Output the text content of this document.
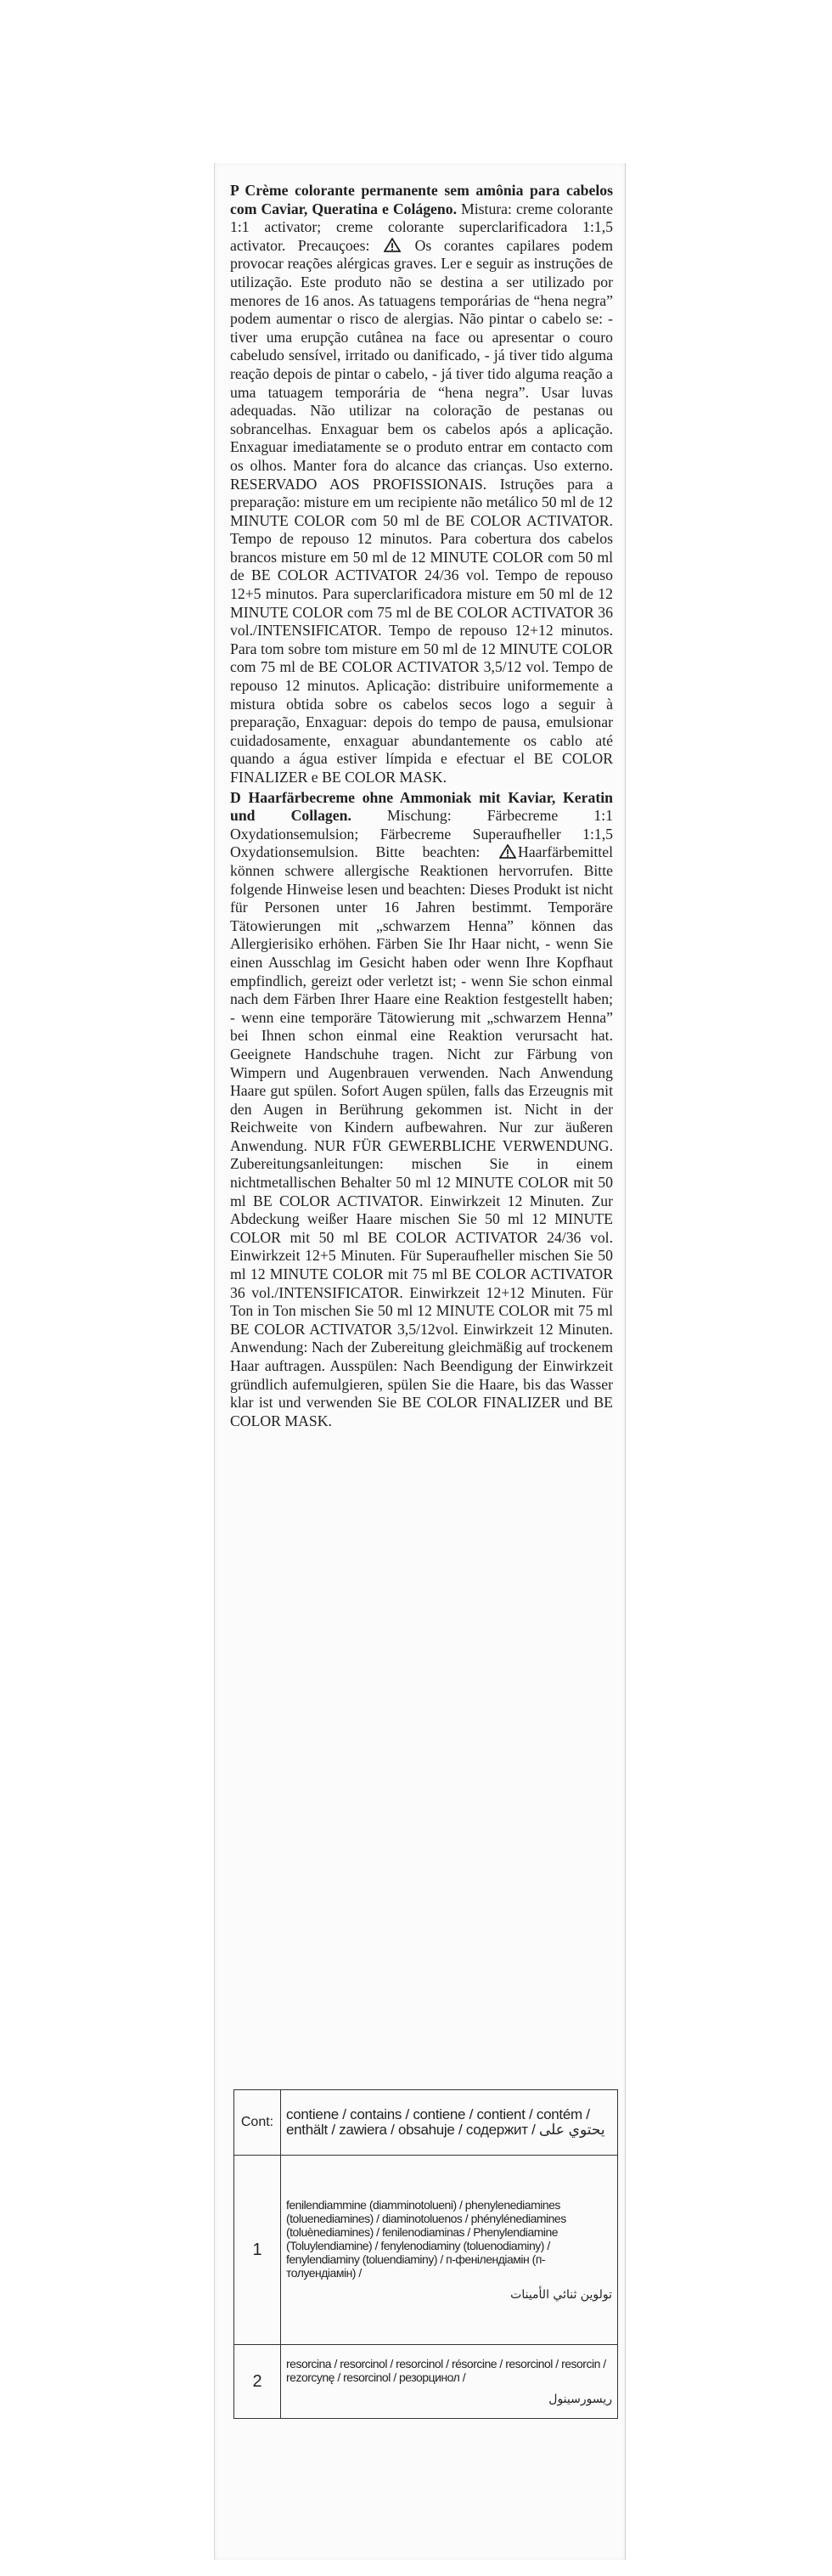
P Crème colorante permanente sem amônia para cabelos com Caviar, Queratina e Colágeno. Mistura: creme colorante 1:1 activator; creme colorante superclarificadora 1:1,5 activator. Precauçoes:  Os corantes capilares podem provocar reações alérgicas graves. Ler e seguir as instruções de utilização. Este produto não se destina a ser utilizado por menores de 16 anos. As tatuagens temporárias de “hena negra” podem aumentar o risco de alergias. Não pintar o cabelo se: - tiver uma erupção cutânea na face ou apresentar o couro cabeludo sensível, irritado ou danificado, - já tiver tido alguma reação depois de pintar o cabelo, - já tiver tido alguma reação a uma tatuagem temporária de “hena negra”. Usar luvas adequadas. Não utilizar na coloração de pestanas ou sobrancelhas. Enxaguar bem os cabelos após a aplicação. Enxaguar imediatamente se o produto entrar em contacto com os olhos. Manter fora do alcance das crianças. Uso externo. RESERVADO AOS PROFISSIONAIS. Istruções para a preparação: misture em um recipiente não metálico 50 ml de 12 MINUTE COLOR com 50 ml de BE COLOR ACTIVATOR. Tempo de repouso 12 minutos. Para cobertura dos cabelos brancos misture em 50 ml de 12 MINUTE COLOR com 50 ml de BE COLOR ACTIVATOR 24/36 vol. Tempo de repouso 12+5 minutos. Para superclarificadora misture em 50 ml de 12 MINUTE COLOR com 75 ml de BE COLOR ACTIVATOR 36 vol./INTENSIFICATOR. Tempo de repouso 12+12 minutos. Para tom sobre tom misture em 50 ml de 12 MINUTE COLOR com 75 ml de BE COLOR ACTIVATOR 3,5/12 vol. Tempo de repouso 12 minutos. Aplicação: distribuire uniformemente a mistura obtida sobre os cabelos secos logo a seguir à preparação, Enxaguar: depois do tempo de pausa, emulsionar cuidadosamente, enxaguar abundantemente os cablo até quando a água estiver límpida e efectuar el BE COLOR FINALIZER e BE COLOR MASK.

D Haarfärbecreme ohne Ammoniak mit Kaviar, Keratin und Collagen. Mischung: Färbecreme 1:1 Oxydationsemulsion; Färbecreme Superaufheller 1:1,5 Oxydationsemulsion. Bitte beachten:	Haarfärbemittel können schwere allergische Reaktionen hervorrufen. Bitte folgende Hinweise lesen und beachten: Dieses Produkt ist nicht für Personen unter 16 Jahren bestimmt. Temporäre Tätowierungen mit „schwarzem Henna” können das Allergierisiko erhöhen. Färben Sie Ihr Haar nicht, - wenn Sie einen Ausschlag im Gesicht haben oder wenn Ihre Kopfhaut empfindlich, gereizt oder verletzt ist; - wenn Sie schon einmal nach dem Färben Ihrer Haare eine Reaktion festgestellt haben; - wenn eine temporäre Tätowierung mit „schwarzem Henna” bei Ihnen schon einmal eine Reaktion verursacht hat. Geeignete Handschuhe tragen. Nicht zur Färbung von Wimpern und Augenbrauen verwenden. Nach Anwendung Haare gut spülen. Sofort Augen spülen, falls das Erzeugnis mit den Augen in Berührung gekommen ist. Nicht in der Reichweite von Kindern aufbewahren. Nur zur äußeren Anwendung. NUR FÜR GEWERBLICHE VERWENDUNG. Zubereitungsanleitungen: mischen Sie in einem nichtmetallischen Behalter 50 ml 12 MINUTE COLOR mit 50 ml BE COLOR ACTIVATOR. Einwirkzeit 12 Minuten. Zur Abdeckung weißer Haare mischen Sie 50 ml 12 MINUTE COLOR mit 50 ml BE COLOR ACTIVATOR 24/36 vol. Einwirkzeit 12+5 Minuten. Für Superaufheller mischen Sie 50 ml 12 MINUTE COLOR mit 75 ml BE COLOR ACTIVATOR 36 vol./INTENSIFICATOR. Einwirkzeit 12+12 Minuten. Für Ton in Ton mischen Sie 50 ml 12 MINUTE COLOR mit 75 ml BE COLOR ACTIVATOR 3,5/12vol. Einwirkzeit 12 Minuten. Anwendung: Nach der Zubereitung gleichmäßig auf trockenem Haar auftragen. Ausspülen: Nach Beendigung der Einwirkzeit gründlich aufemulgieren, spülen Sie die Haare, bis das Wasser klar ist und verwenden Sie BE COLOR FINALIZER und BE COLOR MASK.

Cont:	contiene / contains / contiene / contient / contém / enthält / zawiera / obsahuje / содержит / يحتوي على
1	fenilendiammine (diamminotolueni) / phenylenediamines (toluenediamines) / diaminotoluenos / phénylénediamines (toluènediamines) / fenilenodiaminas / Phenylendiamine (Toluylendiamine) / fenylenodiaminy (toluenodiaminy) / fenylendiaminy (toluendiaminy) / п-фенілендіамін (п-толуендіамін) /
تولوين ثنائي الأمينات

2	resorcina / resorcinol / resorcinol / résorcine / resorcinol / resorcin / rezorcynę / resorcinol / резорцинол /
ريسورسينول
